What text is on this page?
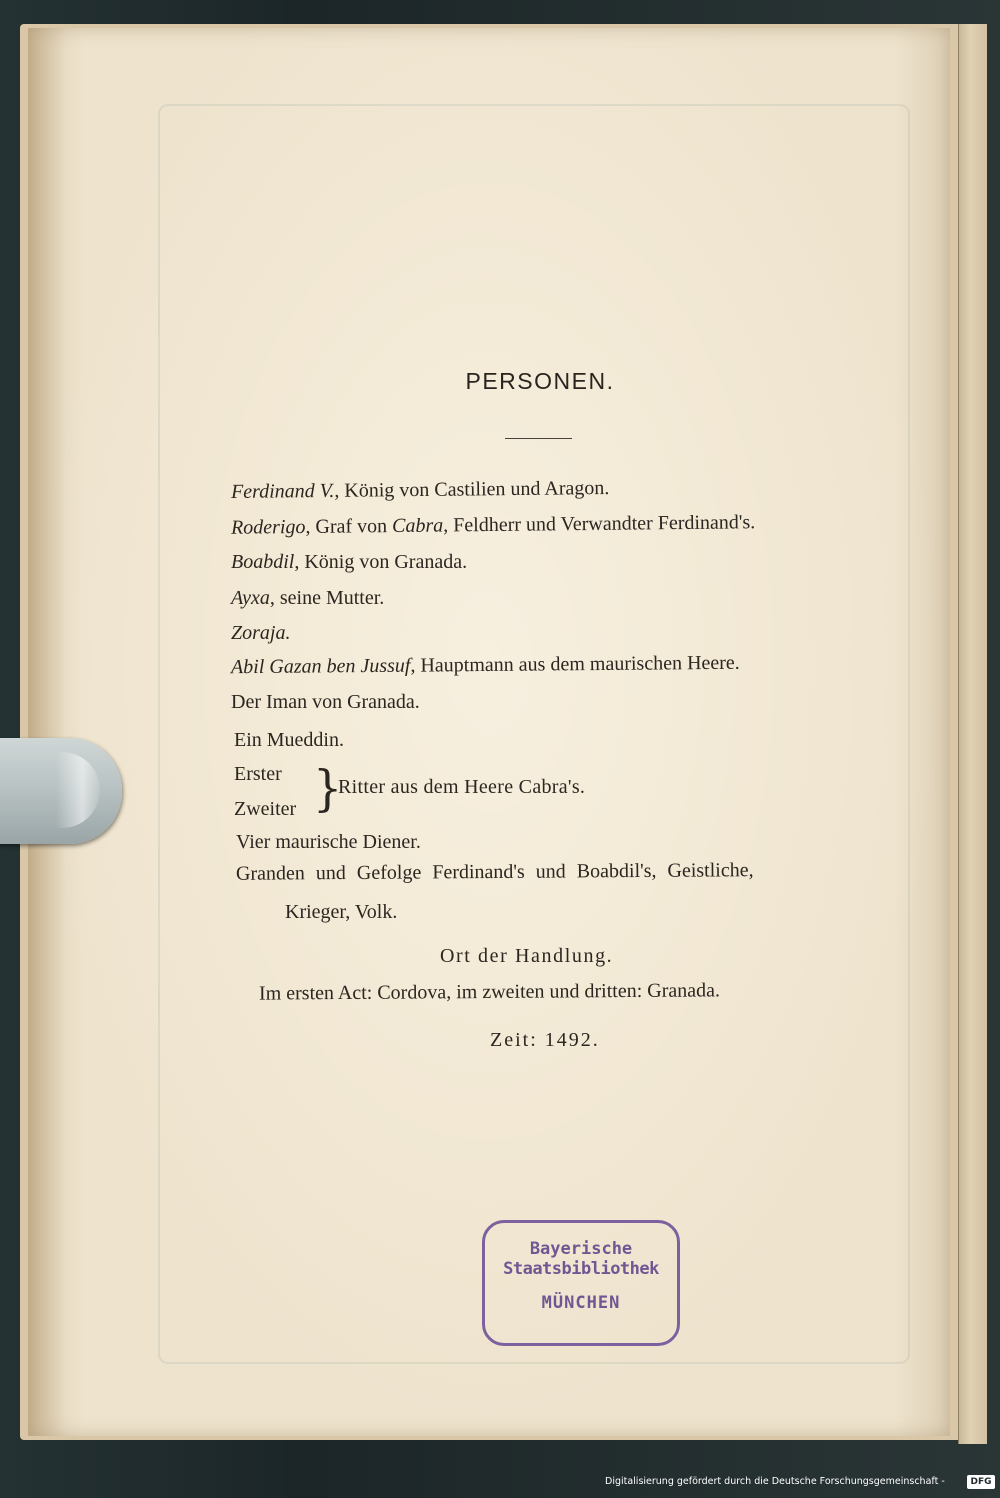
PERSONEN.
Ferdinand V., König von Castilien und Aragon.
Roderigo, Graf von Cabra, Feldherr und Verwandter Ferdinand's.
Boabdil, König von Granada.
Ayxa, seine Mutter.
Zoraja.
Abil Gazan ben Jussuf, Hauptmann aus dem maurischen Heere.
Der Iman von Granada.
Ein Mueddin.
Erster
Zweiter }
Ritter aus dem Heere Cabra's.
Vier maurische Diener.
Granden und Gefolge Ferdinand's und Boabdil's, Geistliche,
Krieger, Volk.
Ort der Handlung.
Im ersten Act: Cordova, im zweiten und dritten: Granada.
Zeit: 1492.
Bayerische
Staatsbibliothek
MÜNCHEN
Digitalisierung gefördert durch die Deutsche Forschungsgemeinschaft -	DFG
